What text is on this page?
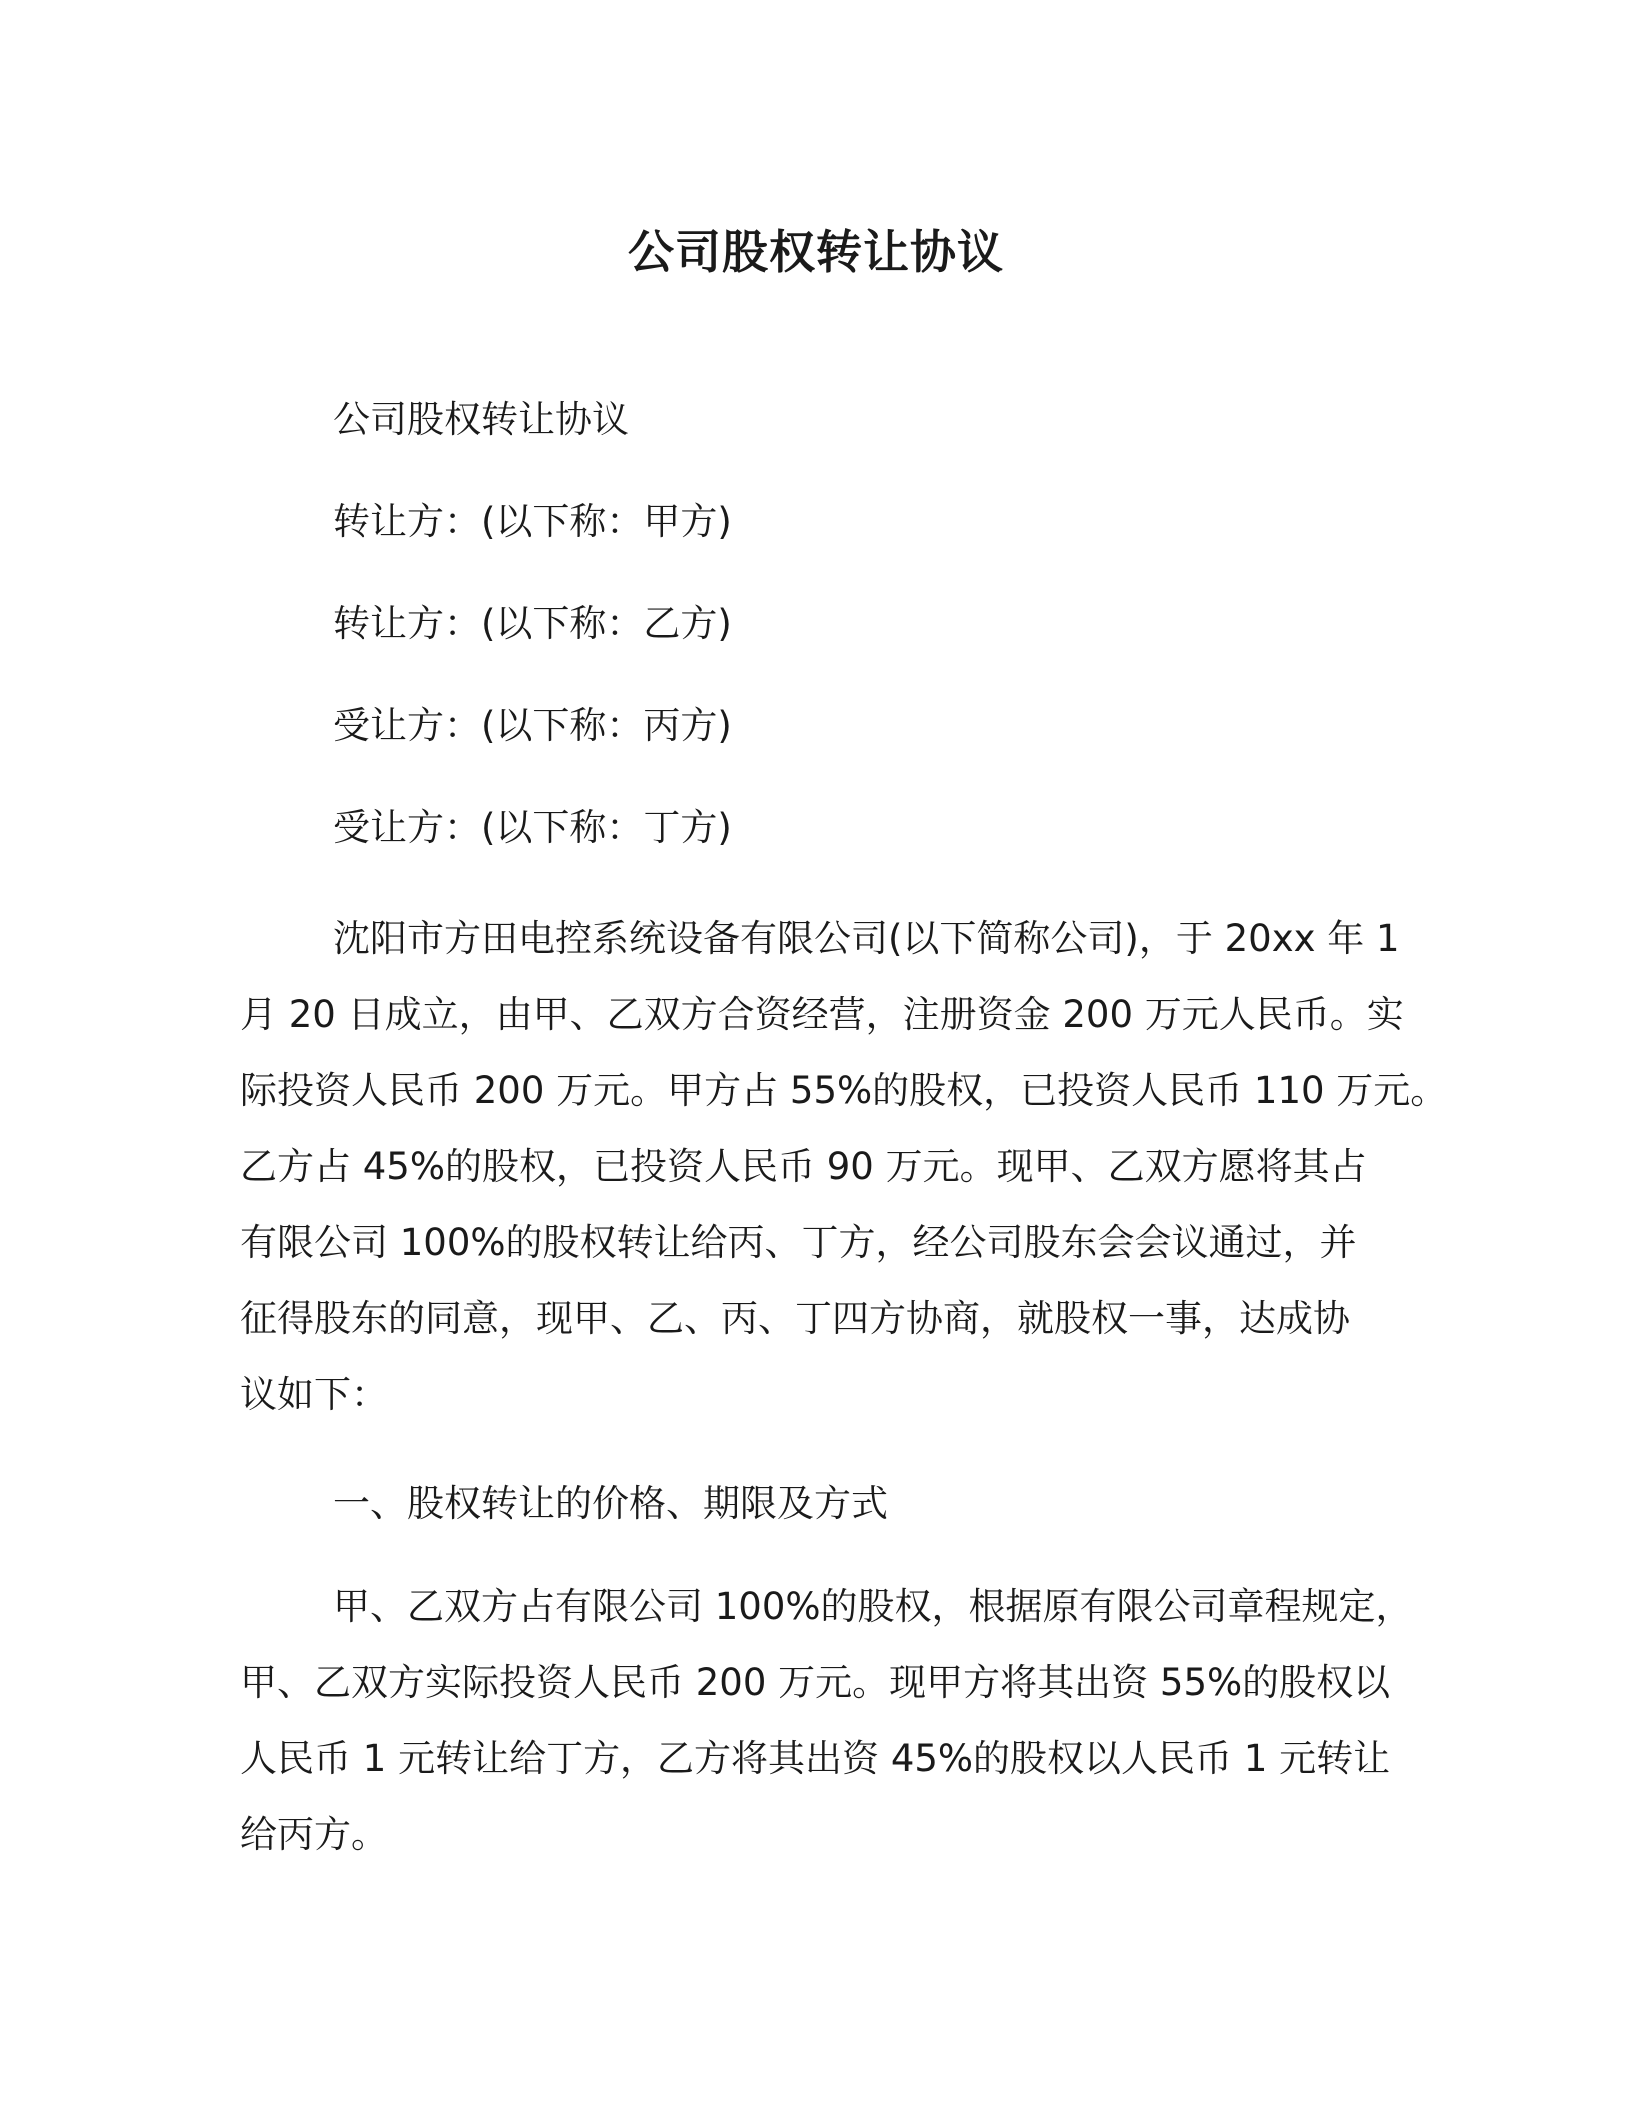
公司股权转让协议
公司股权转让协议
转让方：(以下称：甲方)
转让方：(以下称：乙方)
受让方：(以下称：丙方)
受让方：(以下称：丁方)
沈阳市方田电控系统设备有限公司(以下简称公司)，于 20xx 年 1
月 20 日成立，由甲、乙双方合资经营，注册资金 200 万元人民币。实
际投资人民币 200 万元。甲方占 55%的股权，已投资人民币 110 万元。
乙方占 45%的股权，已投资人民币 90 万元。现甲、乙双方愿将其占
有限公司 100%的股权转让给丙、丁方，经公司股东会会议通过，并
征得股东的同意，现甲、乙、丙、丁四方协商，就股权一事，达成协
议如下：
一、股权转让的价格、期限及方式
甲、乙双方占有限公司 100%的股权，根据原有限公司章程规定，
甲、乙双方实际投资人民币 200 万元。现甲方将其出资 55%的股权以
人民币 1 元转让给丁方，乙方将其出资 45%的股权以人民币 1 元转让
给丙方。
